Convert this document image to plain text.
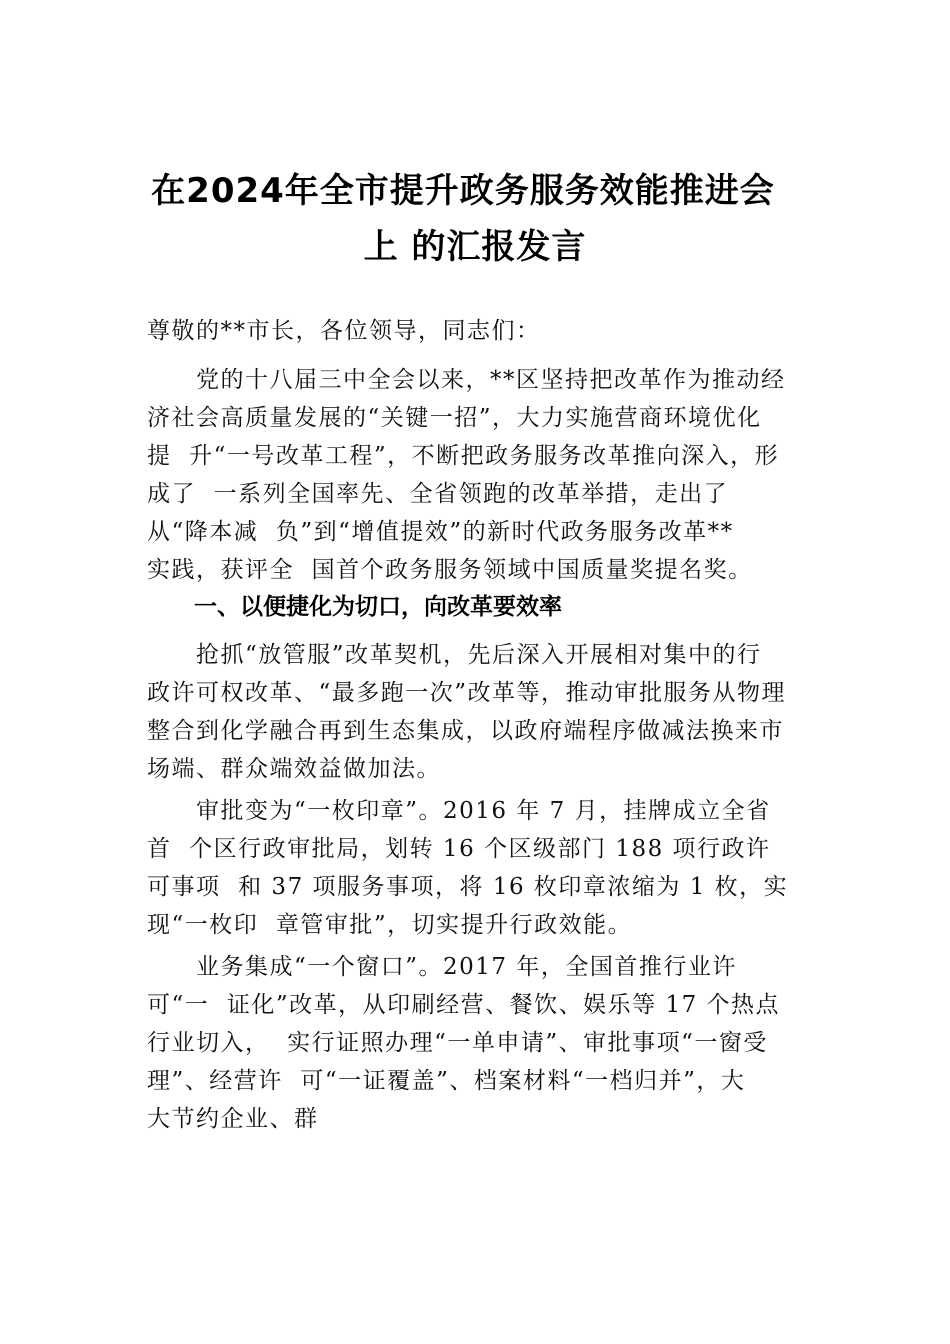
在2024年全市提升政务服务效能推进会
上 的汇报发言
尊敬的**市长，各位领导，同志们：
　　党的十八届三中全会以来，**区坚持把改革作为推动经
济社会高质量发展的“关键一招”，大力实施营商环境优化
提  升“一号改革工程”，不断把政务服务改革推向深入，形
成了  一系列全国率先、全省领跑的改革举措，走出了
从“降本减  负”到“增值提效”的新时代政务服务改革**
实践，获评全  国首个政务服务领域中国质量奖提名奖。
一、以便捷化为切口，向改革要效率
　　抢抓“放管服”改革契机，先后深入开展相对集中的行
政许可权改革、“最多跑一次”改革等，推动审批服务从物理
整合到化学融合再到生态集成，以政府端程序做减法换来市
场端、群众端效益做加法。
　　审批变为“一枚印章”。2016 年 7 月，挂牌成立全省
首  个区行政审批局，划转 16 个区级部门 188 项行政许
可事项  和 37 项服务事项，将 16 枚印章浓缩为 1 枚，实
现“一枚印  章管审批”，切实提升行政效能。
　　业务集成“一个窗口”。2017 年，全国首推行业许
可“一  证化”改革，从印刷经营、餐饮、娱乐等 17 个热点
行业切入，  实行证照办理“一单申请”、审批事项“一窗受
理”、经营许  可“一证覆盖”、档案材料“一档归并”，大
大节约企业、群
